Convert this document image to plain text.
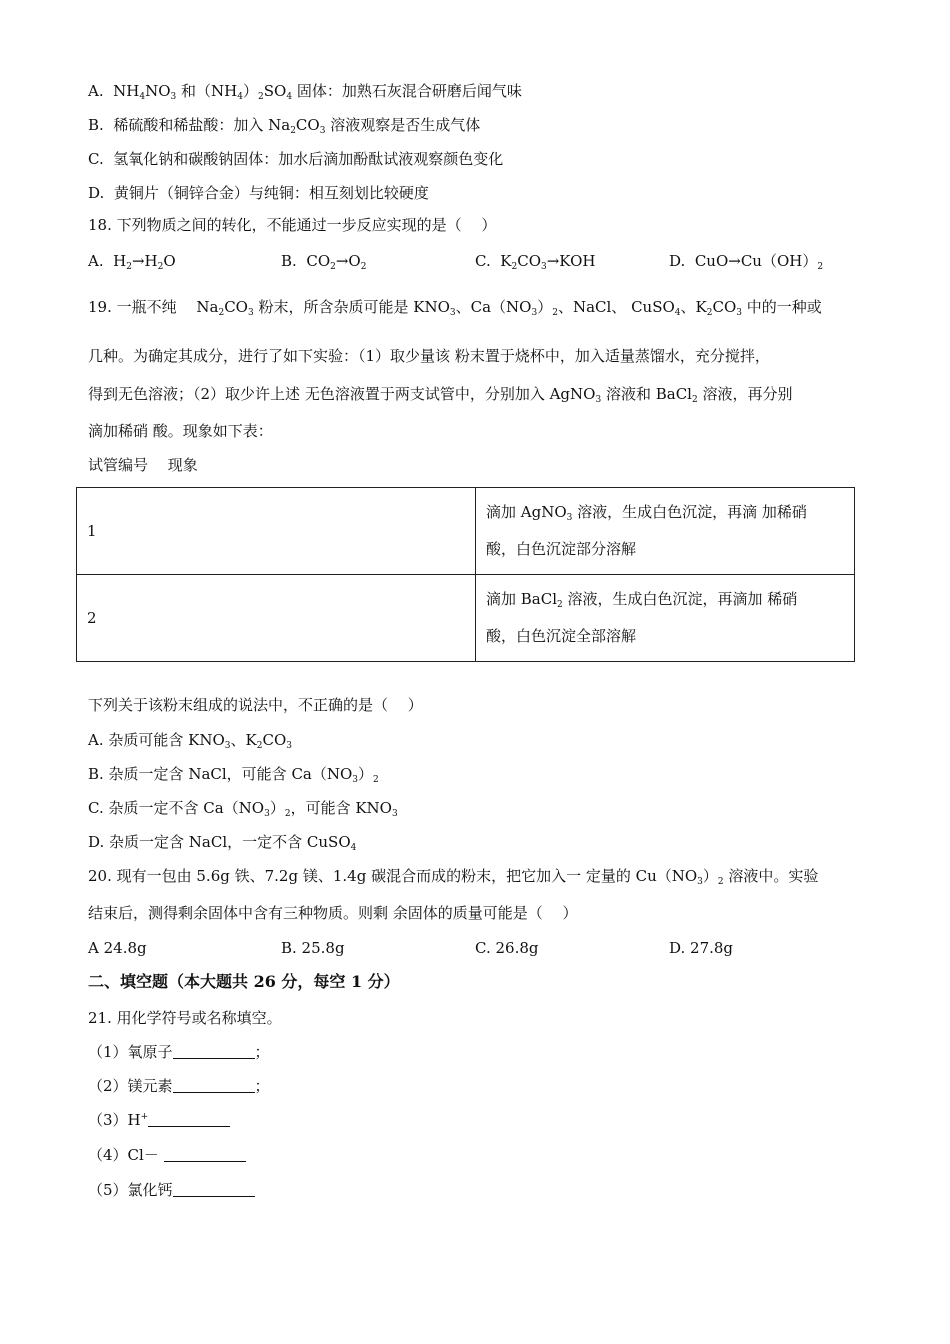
A. $NH_4NO_3$ 和$(NH_4)_2SO_4$ 固体：加熟石灰混合研磨后闻气味
B. 稀硫酸和稀盐酸：加入 $Na_2CO_3$ 溶液观察是否生成气体
C. 氢氧化钠和碳酸钠固体：加水后滴加酚酞试液观察颜色变化
D. 黄铜片（铜锌合金）与纯铜：相互刻划比较硬度
18. 下列物质之间的转化，不能通过一步反应实现的是（　 ）
A. $H_2\to H_2O$	B. $CO_2\to O_2$	C. $K_2CO_3\to KOH$	D. $CuO\to Cu(OH)_2$
19. 一瓶不纯　 $Na_2CO_3$ 粉末，所含杂质可能是 $KNO_3$、$Ca(NO_3)_2$、NaCl、 CuSO$_4$、$K_2CO_3$ 中的一种或
几种。为确定其成分，进行了如下实验：（1）取少量该 粉末置于烧杯中，加入适量蒸馏水，充分搅拌，
得到无色溶液；（2）取少许上述 无色溶液置于两支试管中，分别加入 AgNO$_3$ 溶液和 BaCl$_2$ 溶液，再分别
滴加稀硝 酸。现象如下表：
试管编号　 现象
1	滴加 AgNO$_3$ 溶液，生成白色沉淀，再滴 加稀硝
酸，白色沉淀部分溶解

2	滴加 BaCl$_2$ 溶液，生成白色沉淀，再滴加 稀硝
酸，白色沉淀全部溶解
下列关于该粉末组成的说法中，不正确的是（　 ）
A. 杂质可能含 $KNO_3$、$K_2CO_3$
B. 杂质一定含 NaCl，可能含 $Ca(NO_3)_2$
C. 杂质一定不含 $Ca(NO_3)_2$，可能含 $KNO_3$
D. 杂质一定含 NaCl，一定不含 CuSO$_4$
20. 现有一包由 5.6g 铁、7.2g 镁、1.4g 碳混合而成的粉末，把它加入一 定量的 $Cu(NO_3)_2$ 溶液中。实验
结束后，测得剩余固体中含有三种物质。则剩 余固体的质量可能是（　 ）
A 24.8g	B. 25.8g	C. 26.8g	D. 27.8g
二、填空题（本大题共 26 分，每空 1 分）
21. 用化学符号或名称填空。
（1）氧原子	；
（2）镁元素	；
（3）H+
（4）Cl－
（5）氯化钙
